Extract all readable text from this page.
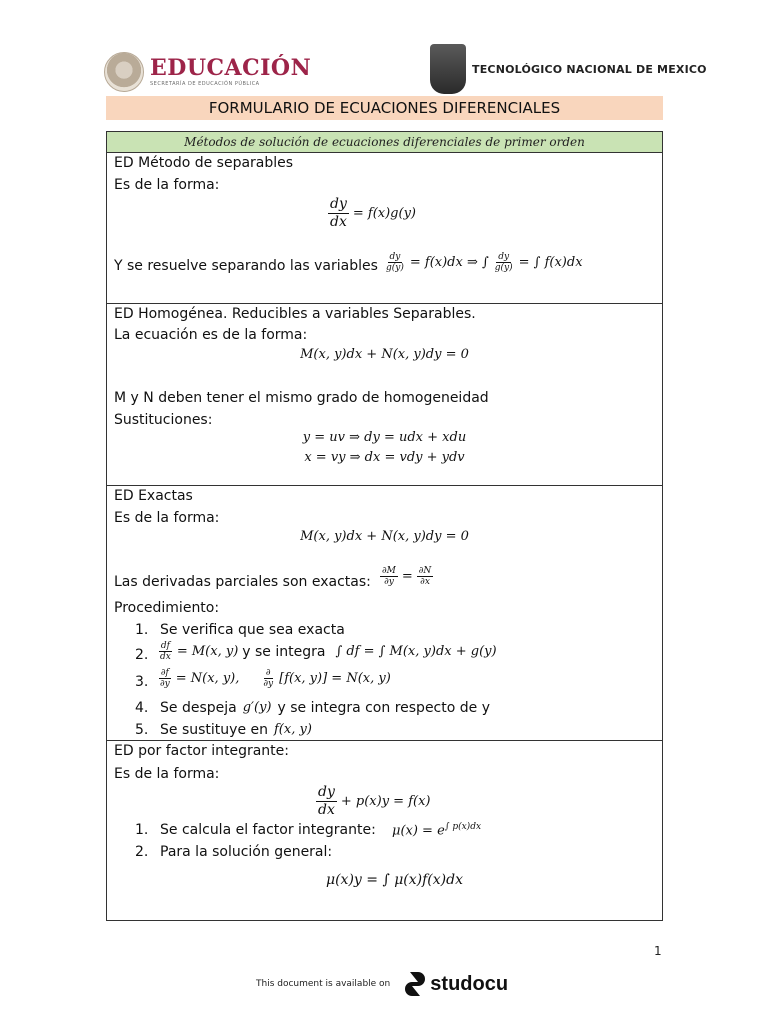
EDUCACIÓN
SECRETARÍA DE EDUCACIÓN PÚBLICA
TECNOLÓGICO NACIONAL DE MEXICO
FORMULARIO DE ECUACIONES DIFERENCIALES
Métodos de solución de ecuaciones diferenciales de primer orden
ED Método de separables
Es de la forma:
$\frac{dy}{dx} = f(x)g(y)$
Y se resuelve separando las variables $\frac{dy}{g(y)} = f(x)dx$ ⇒ ∫ $\frac{dy}{g(y)}$ = ∫ f(x)dx
ED Homogénea. Reducibles a variables Separables.
La ecuación es de la forma:
M(x, y)dx + N(x, y)dy = 0
M y N deben tener el mismo grado de homogeneidad
Sustituciones:
y = uv ⇒ dy = udx + xdu
x = vy ⇒ dx = vdy + ydv
ED Exactas
Es de la forma:
M(x, y)dx + N(x, y)dy = 0
Las derivadas parciales son exactas: $\frac{\partial M}{\partial y} = \frac{\partial N}{\partial x}$
Procedimiento:
1. Se verifica que sea exacta
2. $\frac{df}{dx} = M(x$, y) y se integra ∫ df = ∫ M(x, y)dx + g(y)
3. $\frac{\partial f}{\partial y} = N(x$, y), $\frac{\partial}{\partial y} [f(x$, y)] = N(x, y)
4. Se despeja g′(y) y se integra con respecto de y
5. Se sustituye en f(x, y)
ED por factor integrante:
Es de la forma:
$\frac{dy}{dx} + p(x)y = f(x)$
1. Se calcula el factor integrante: $\mu(x) = e^{\int p(x)dx}$
2. Para la solución general:
μ(x)y = ∫ μ(x)f(x)dx
1
This document is available on studocu
